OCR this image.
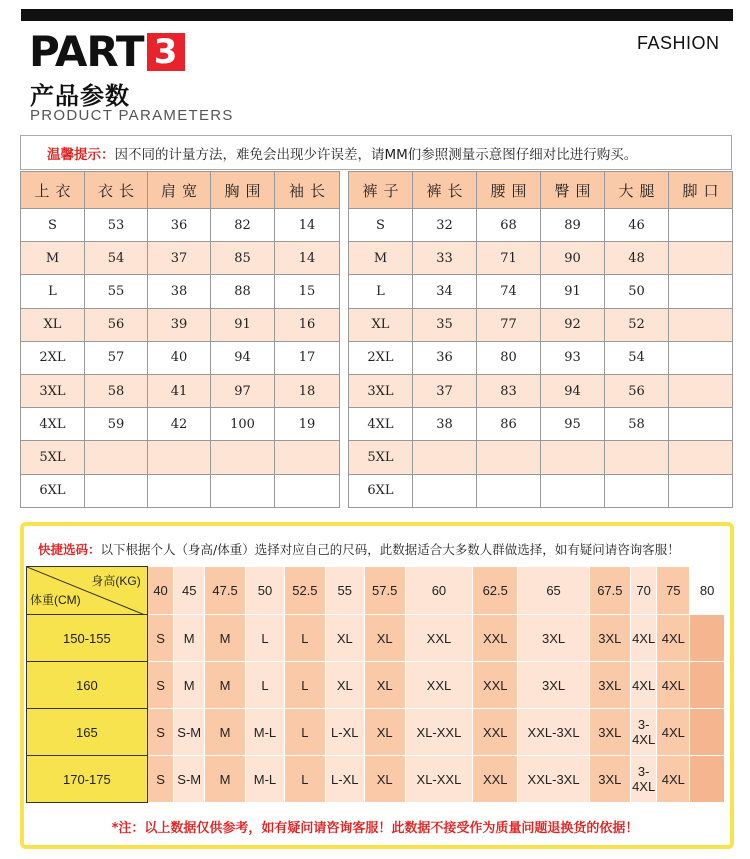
PART 3	FASHION
产品参数
PRODUCT PARAMETERS
温馨提示： 因不同的计量方法，难免会出现少许误差，请MM们参照测量示意图仔细对比进行购买。
上衣	衣长	肩宽	胸围	袖长
S	53	36	82	14
M	54	37	85	14
L	55	38	88	15
XL	56	39	91	16
2XL	57	40	94	17
3XL	58	41	97	18
4XL	59	42	100	19
5XL				
6XL				
裤子	裤长	腰围	臀围	大腿	脚口
S	32	68	89	46	
M	33	71	90	48	
L	34	74	91	50	
XL	35	77	92	52	
2XL	36	80	93	54	
3XL	37	83	94	56	
4XL	38	86	95	58	
5XL					
6XL					
快捷选码：以下根据个人（身高/体重）选择对应自己的尺码，此数据适合大多数人群做选择，如有疑问请咨询客服！
身高(KG)
体重(CM)	40	45	47.5	50	52.5	55	57.5	60	62.5	65	67.5	70	75	80
150-155	S	M	M	L	L	XL	XL	XXL	XXL	3XL	3XL	4XL	4XL	
160	S	M	M	L	L	XL	XL	XXL	XXL	3XL	3XL	4XL	4XL	
165	S	S-M	M	M-L	L	L-XL	XL	XL-XXL	XXL	XXL-3XL	3XL	3-4XL	4XL	
170-175	S	S-M	M	M-L	L	L-XL	XL	XL-XXL	XXL	XXL-3XL	3XL	3-4XL	4XL	
*注：以上数据仅供参考，如有疑问请咨询客服！此数据不接受作为质量问题退换货的依据！
